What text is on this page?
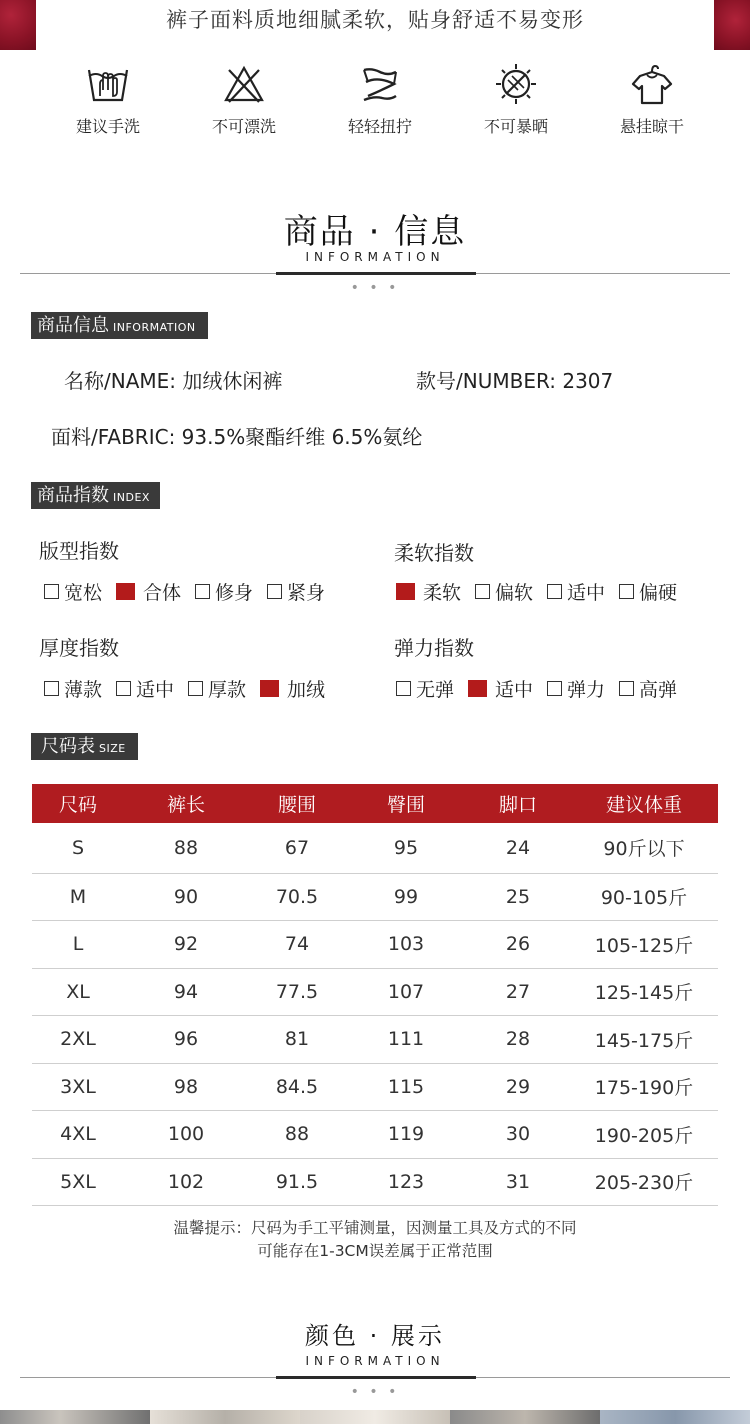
裤子面料质地细腻柔软，贴身舒适不易变形
建议手洗	不可漂洗	轻轻扭拧	不可暴晒	悬挂晾干
商品 · 信息
INFORMATION
• • •
商品信息 INFORMATION
名称/NAME: 加绒休闲裤	款号/NUMBER: 2307
面料/FABRIC: 93.5%聚酯纤维 6.5%氨纶
商品指数 INDEX
版型指数
宽松 合体 修身 紧身
柔软指数
柔软 偏软 适中 偏硬
厚度指数
薄款 适中 厚款 加绒
弹力指数
无弹 适中 弹力 高弹
尺码表 SIZE
尺码	裤长	腰围	臀围	脚口	建议体重
S	88	67	95	24	90斤以下
M	90	70.5	99	25	90-105斤
L	92	74	103	26	105-125斤
XL	94	77.5	107	27	125-145斤
2XL	96	81	111	28	145-175斤
3XL	98	84.5	115	29	175-190斤
4XL	100	88	119	30	190-205斤
5XL	102	91.5	123	31	205-230斤
温馨提示：尺码为手工平铺测量，因测量工具及方式的不同
可能存在1-3CM误差属于正常范围
颜色 · 展示
INFORMATION
• • •
